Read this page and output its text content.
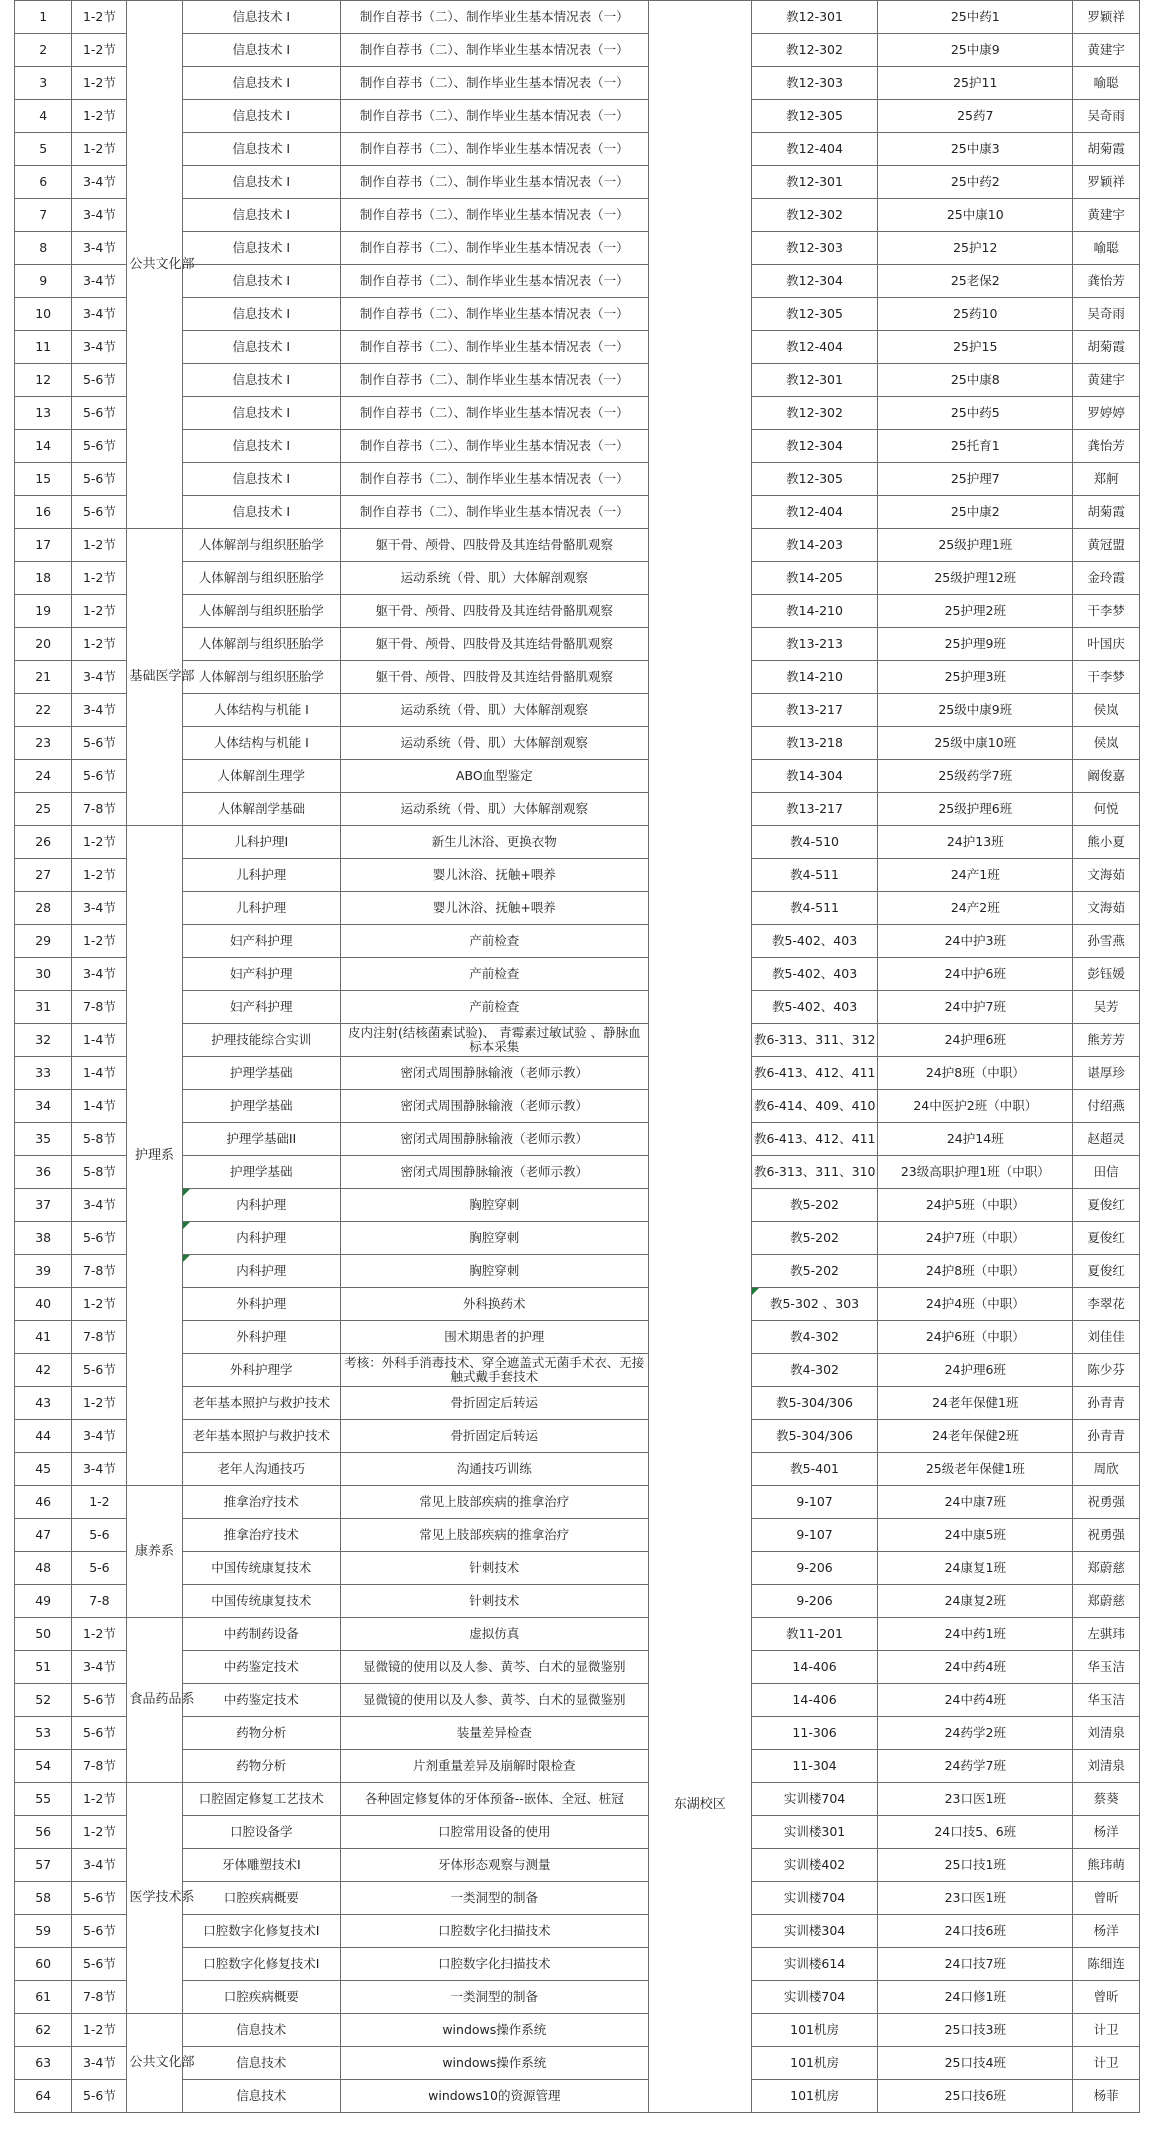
1	1-2节	公共文化部	信息技术 I	制作自荐书（二）、制作毕业生基本情况表（一）	东湖校区	教12-301	25中药1	罗颖祥
2	1-2节		信息技术 I	制作自荐书（二）、制作毕业生基本情况表（一）		教12-302	25中康9	黄建宇
3	1-2节		信息技术 I	制作自荐书（二）、制作毕业生基本情况表（一）		教12-303	25护11	喻聪
4	1-2节		信息技术 I	制作自荐书（二）、制作毕业生基本情况表（一）		教12-305	25药7	吴奇雨
5	1-2节		信息技术 I	制作自荐书（二）、制作毕业生基本情况表（一）		教12-404	25中康3	胡菊霞
6	3-4节		信息技术 I	制作自荐书（二）、制作毕业生基本情况表（一）		教12-301	25中药2	罗颖祥
7	3-4节		信息技术 I	制作自荐书（二）、制作毕业生基本情况表（一）		教12-302	25中康10	黄建宇
8	3-4节		信息技术 I	制作自荐书（二）、制作毕业生基本情况表（一）		教12-303	25护12	喻聪
9	3-4节		信息技术 I	制作自荐书（二）、制作毕业生基本情况表（一）		教12-304	25老保2	龚怡芳
10	3-4节		信息技术 I	制作自荐书（二）、制作毕业生基本情况表（一）		教12-305	25药10	吴奇雨
11	3-4节		信息技术 I	制作自荐书（二）、制作毕业生基本情况表（一）		教12-404	25护15	胡菊霞
12	5-6节		信息技术 I	制作自荐书（二）、制作毕业生基本情况表（一）		教12-301	25中康8	黄建宇
13	5-6节		信息技术 I	制作自荐书（二）、制作毕业生基本情况表（一）		教12-302	25中药5	罗婷婷
14	5-6节		信息技术 I	制作自荐书（二）、制作毕业生基本情况表（一）		教12-304	25托育1	龚怡芳
15	5-6节		信息技术 I	制作自荐书（二）、制作毕业生基本情况表（一）		教12-305	25护理7	郑舸
16	5-6节		信息技术 I	制作自荐书（二）、制作毕业生基本情况表（一）		教12-404	25中康2	胡菊霞
17	1-2节	基础医学部	人体解剖与组织胚胎学	躯干骨、颅骨、四肢骨及其连结骨骼肌观察		教14-203	25级护理1班	黄冠盟
18	1-2节		人体解剖与组织胚胎学	运动系统（骨、肌）大体解剖观察		教14-205	25级护理12班	金玲霞
19	1-2节		人体解剖与组织胚胎学	躯干骨、颅骨、四肢骨及其连结骨骼肌观察		教14-210	25护理2班	干李梦
20	1-2节		人体解剖与组织胚胎学	躯干骨、颅骨、四肢骨及其连结骨骼肌观察		教13-213	25护理9班	叶国庆
21	3-4节		人体解剖与组织胚胎学	躯干骨、颅骨、四肢骨及其连结骨骼肌观察		教14-210	25护理3班	干李梦
22	3-4节		人体结构与机能 I	运动系统（骨、肌）大体解剖观察		教13-217	25级中康9班	侯岚
23	5-6节		人体结构与机能 I	运动系统（骨、肌）大体解剖观察		教13-218	25级中康10班	侯岚
24	5-6节		人体解剖生理学	ABO血型鉴定		教14-304	25级药学7班	阚俊嘉
25	7-8节		人体解剖学基础	运动系统（骨、肌）大体解剖观察		教13-217	25级护理6班	何悦
26	1-2节	护理系	儿科护理I	新生儿沐浴、更换衣物		教4-510	24护13班	熊小夏
27	1-2节		儿科护理	婴儿沐浴、抚触+喂养		教4-511	24产1班	文海茹
28	3-4节		儿科护理	婴儿沐浴、抚触+喂养		教4-511	24产2班	文海茹
29	1-2节		妇产科护理	产前检查		教5-402、403	24中护3班	孙雪燕
30	3-4节		妇产科护理	产前检查		教5-402、403	24中护6班	彭钰媛
31	7-8节		妇产科护理	产前检查		教5-402、403	24中护7班	吴芳
32	1-4节		护理技能综合实训	皮内注射(结核菌素试验)、 青霉素过敏试验 、静脉血标本采集		教6-313、311、312	24护理6班	熊芳芳
33	1-4节		护理学基础	密闭式周围静脉输液（老师示教）		教6-413、412、411	24护8班（中职）	谌厚珍
34	1-4节		护理学基础	密闭式周围静脉输液（老师示教）		教6-414、409、410	24中医护2班（中职）	付绍燕
35	5-8节		护理学基础II	密闭式周围静脉输液（老师示教）		教6-413、412、411	24护14班	赵超灵
36	5-8节		护理学基础	密闭式周围静脉输液（老师示教）		教6-313、311、310	23级高职护理1班（中职）	田信
37	3-4节		内科护理	胸腔穿刺		教5-202	24护5班（中职）	夏俊红
38	5-6节		内科护理	胸腔穿刺		教5-202	24护7班（中职）	夏俊红
39	7-8节		内科护理	胸腔穿刺		教5-202	24护8班（中职）	夏俊红
40	1-2节		外科护理	外科换药术		教5-302 、303	24护4班（中职）	李翠花
41	7-8节		外科护理	围术期患者的护理		教4-302	24护6班（中职）	刘佳佳
42	5-6节		外科护理学	考核：外科手消毒技术、穿全遮盖式无菌手术衣、无接触式戴手套技术		教4-302	24护理6班	陈少芬
43	1-2节		老年基本照护与救护技术	骨折固定后转运		教5-304/306	24老年保健1班	孙青青
44	3-4节		老年基本照护与救护技术	骨折固定后转运		教5-304/306	24老年保健2班	孙青青
45	3-4节		老年人沟通技巧	沟通技巧训练		教5-401	25级老年保健1班	周欣
46	1-2	康养系	推拿治疗技术	常见上肢部疾病的推拿治疗		9-107	24中康7班	祝勇强
47	5-6		推拿治疗技术	常见上肢部疾病的推拿治疗		9-107	24中康5班	祝勇强
48	5-6		中国传统康复技术	针刺技术		9-206	24康复1班	郑蔚慈
49	7-8		中国传统康复技术	针刺技术		9-206	24康复2班	郑蔚慈
50	1-2节	食品药品系	中药制药设备	虚拟仿真		教11-201	24中药1班	左骐玮
51	3-4节		中药鉴定技术	显微镜的使用以及人参、黄芩、白术的显微鉴别		14-406	24中药4班	华玉洁
52	5-6节		中药鉴定技术	显微镜的使用以及人参、黄芩、白术的显微鉴别		14-406	24中药4班	华玉洁
53	5-6节		药物分析	装量差异检查		11-306	24药学2班	刘清泉
54	7-8节		药物分析	片剂重量差异及崩解时限检查		11-304	24药学7班	刘清泉
55	1-2节	医学技术系	口腔固定修复工艺技术	各种固定修复体的牙体预备--嵌体、全冠、桩冠		实训楼704	23口医1班	蔡葵
56	1-2节		口腔设备学	口腔常用设备的使用		实训楼301	24口技5、6班	杨洋
57	3-4节		牙体雕塑技术I	牙体形态观察与测量		实训楼402	25口技1班	熊玮萌
58	5-6节		口腔疾病概要	一类洞型的制备		实训楼704	23口医1班	曾昕
59	5-6节		口腔数字化修复技术I	口腔数字化扫描技术		实训楼304	24口技6班	杨洋
60	5-6节		口腔数字化修复技术I	口腔数字化扫描技术		实训楼614	24口技7班	陈细连
61	7-8节		口腔疾病概要	一类洞型的制备		实训楼704	24口修1班	曾昕
62	1-2节	公共文化部	信息技术	windows操作系统		101机房	25口技3班	计卫
63	3-4节		信息技术	windows操作系统		101机房	25口技4班	计卫
64	5-6节		信息技术	windows10的资源管理		101机房	25口技6班	杨菲
